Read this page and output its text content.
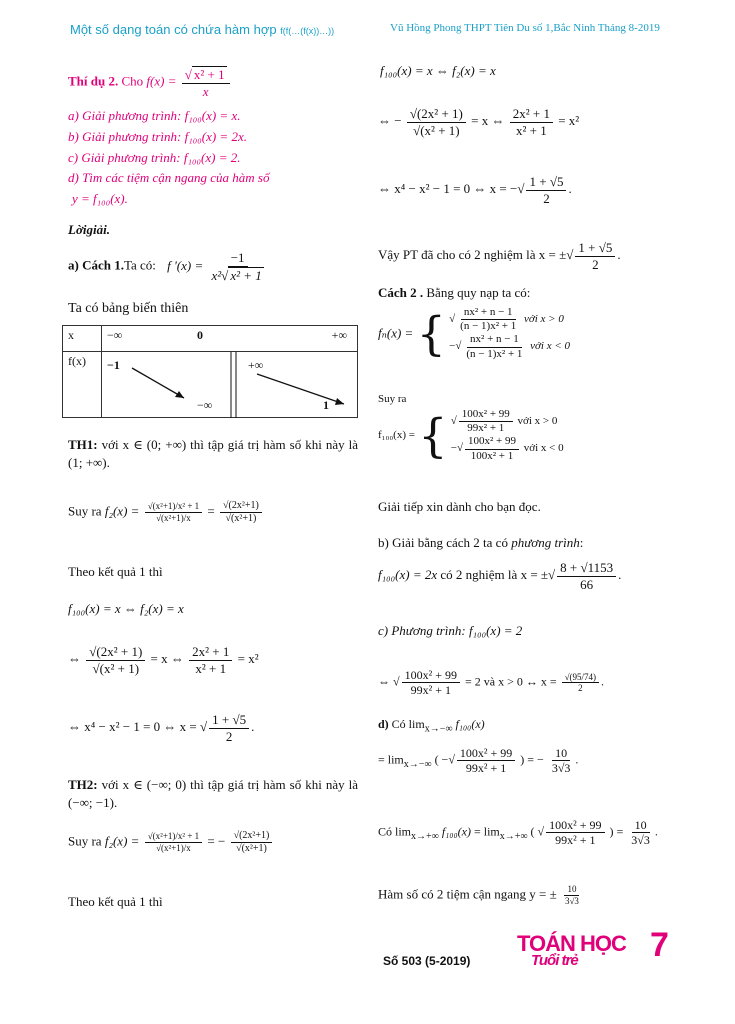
Một số dạng toán có chứa hàm hợp f(f(…(f(x))…))	Vũ Hồng Phong THPT Tiên Du số 1,Bắc Ninh Tháng 8-2019
Thí dụ 2. Cho $f(x) = \frac{\text{√ x² + 1}}{x}$
a) Giải phương trình: f₁₀₀(x) = x.
b) Giải phương trình: f₁₀₀(x) = 2x.
c) Giải phương trình: f₁₀₀(x) = 2.
d) Tìm các tiệm cận ngang của hàm số
y = f₁₀₀(x).
Lờigiải.
a) Cách 1.Ta có: f '$(x) = \frac{-1}{\text{x²√ x² + 1}}$
Ta có bảng biến thiên
x	−∞ 0 +∞

f(x)	−1 +∞
−∞ 1
TH1: với x ∈ (0; +∞) thì tập giá trị hàm số khi này là (1; +∞).
Suy ra $f_2(x) = \frac{\text{√(x²+1)/x² + 1}}{\text{√(x²+1)/x}} = \frac{\text{√(2x²+1)}}{\text{√(x²+1)}}$
Theo kết quả 1 thì
f₁₀₀(x) = x ⇔ f₂(x) = x
⇔ $\frac{\text{√(2x² + 1)}}{\text{√(x² + 1)}} = x$ ⇔ $\frac{\text{2x² + 1}}{\text{x² + 1}} = x^2$
⇔ x⁴ − x² − 1 = 0 ⇔ x = √ $\frac{1 + √5}{2}$ .
TH2: với x ∈ (−∞; 0) thì tập giá trị hàm số khi này là (−∞; −1).
Suy ra $f_2(x) = \frac{\text{√(x²+1)/x² + 1}}{\text{√(x²+1)/x}}$ = − $\frac{\text{√(2x²+1)}}{\text{√(x²+1)}}$
Theo kết quả 1 thì
f₁₀₀(x) = x ⇔ f₂(x) = x
⇔ − $\frac{\text{√(2x² + 1)}}{\text{√(x² + 1)}} = x$ ⇔ $\frac{\text{2x² + 1}}{\text{x² + 1}} = x^2$
⇔ x⁴ − x² − 1 = 0 ⇔ x = −√ $\frac{1 + √5}{2}$ .
Vậy PT đã cho có 2 nghiệm là x = ±√ $\frac{1 + √5}{2}$ .
Cách 2 . Bằng quy nạp ta có:
fₙ(x) = { √ $\frac{\text{nx² + n − 1}}{\text{(n − 1)x² + 1}}$ với x > 0
−√ $\frac{\text{nx² + n − 1}}{\text{(n − 1)x² + 1}}$ với x < 0
Suy ra
f₁₀₀(x) = { √ $\frac{\text{100x² + 99}}{\text{99x² + 1}}$ với x > 0
−√ $\frac{\text{100x² + 99}}{\text{100x² + 1}}$ với x < 0
Giải tiếp xin dành cho bạn đọc.
b) Giải bằng cách 2 ta có phương trình:
f₁₀₀(x) = 2x có 2 nghiệm là x = ±√ $\frac{8 + √1153}{66}$ .
c) Phương trình: f₁₀₀(x) = 2
⇔ √ $\frac{\text{100x² + 99}}{\text{99x² + 1}} = 2$ và x > 0 ↔ $x = \frac{√(95/74)}{2}$ .
d) Có $\lim_{x\to-\infty} f_{100}(x)$
= $\lim_{x\to-\infty}$ ( −√ $\frac{\text{100x² + 99}}{\text{99x² + 1}}$ ) = − $\frac{10}{3√3}$ .
Có $\lim_{x\to+\infty} f_{100}(x) = \lim_{x\to+\infty}$ ( √ $\frac{\text{100x² + 99}}{\text{99x² + 1}}$ ) = $\frac{10}{3√3}$ .
Hàm số có 2 tiệm cận ngang y = ± $\frac{10}{3√3}$
Số 503 (5-2019)
TOÁN HỌC
Tuổi trẻ	7
